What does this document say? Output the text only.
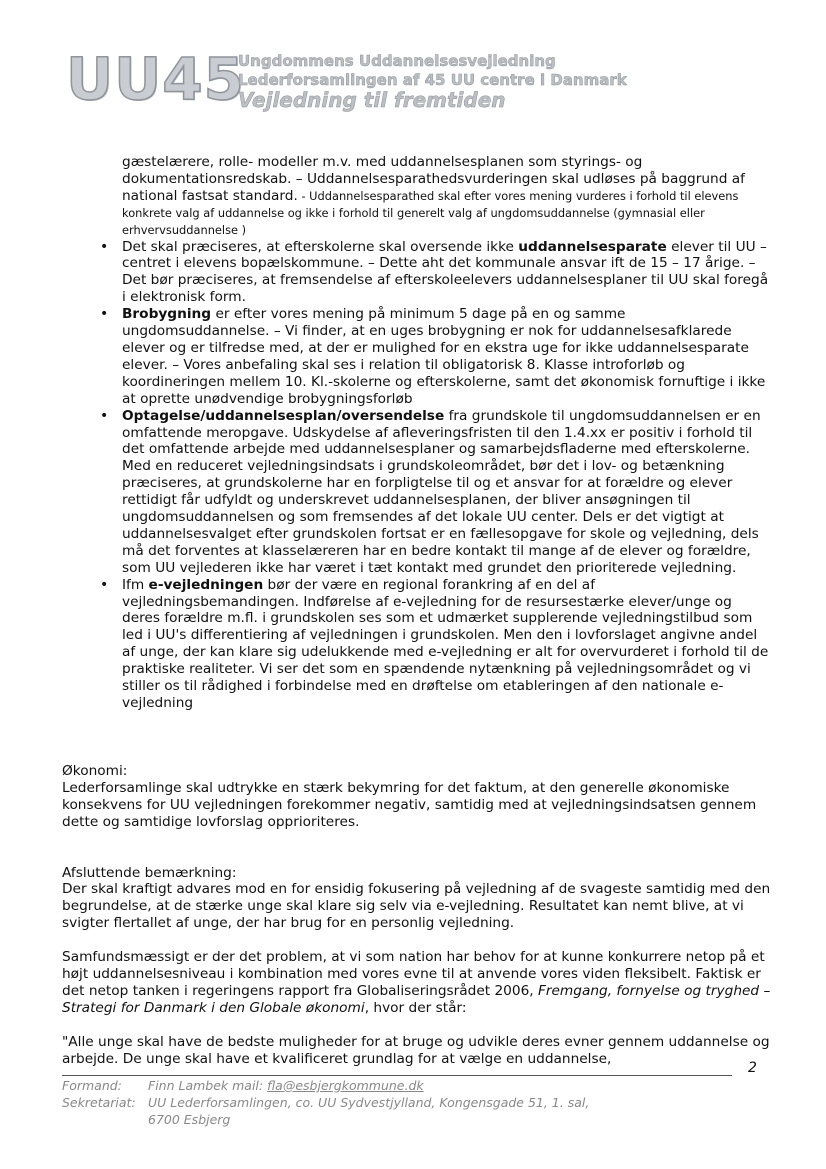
UU45
Ungdommens Uddannelsesvejledning
Lederforsamlingen af 45 UU centre i Danmark
Vejledning til fremtiden

gæstelærere, rolle- modeller m.v. med uddannelsesplanen som styrings- og dokumentationsredskab. – Uddannelsesparathedsvurderingen skal udløses på baggrund af national fastsat standard. - Uddannelsesparathed skal efter vores mening vurderes i forhold til elevens konkrete valg af uddannelse og ikke i forhold til generelt valg af ungdomsuddannelse (gymnasial eller erhvervsuddannelse )

• Det skal præciseres, at efterskolerne skal oversende ikke uddannelsesparate elever til UU –centret i elevens bopælskommune. – Dette aht det kommunale ansvar ift de 15 – 17 årige. – Det bør præciseres, at fremsendelse af efterskoleelevers uddannelsesplaner til UU skal foregå i elektronisk form.
• Brobygning er efter vores mening på minimum 5 dage på en og samme ungdomsuddannelse. – Vi finder, at en uges brobygning er nok for uddannelsesafklarede elever og er tilfredse med, at der er mulighed for en ekstra uge for ikke uddannelsesparate elever. – Vores anbefaling skal ses i relation til obligatorisk 8. Klasse introforløb og koordineringen mellem 10. Kl.-skolerne og efterskolerne, samt det økonomisk fornuftige i ikke at oprette unødvendige brobygningsforløb
• Optagelse/uddannelsesplan/oversendelse fra grundskole til ungdomsuddannelsen er en omfattende meropgave. Udskydelse af afleveringsfristen til den 1.4.xx er positiv i forhold til det omfattende arbejde med uddannelsesplaner og samarbejdsfladerne med efterskolerne. Med en reduceret vejledningsindsats i grundskoleområdet, bør det i lov- og betænkning præciseres, at grundskolerne har en forpligtelse til og et ansvar for at forældre og elever rettidigt får udfyldt og underskrevet uddannelsesplanen, der bliver ansøgningen til ungdomsuddannelsen og som fremsendes af det lokale UU center. Dels er det vigtigt at uddannelsesvalget efter grundskolen fortsat er en fællesopgave for skole og vejledning, dels må det forventes at klasselæreren har en bedre kontakt til mange af de elever og forældre, som UU vejlederen ikke har været i tæt kontakt med grundet den prioriterede vejledning.
• Ifm e-vejledningen bør der være en regional forankring af en del af vejledningsbemandingen. Indførelse af e-vejledning for de resursestærke elever/unge og deres forældre m.fl. i grundskolen ses som et udmærket supplerende vejledningstilbud som led i UU's differentiering af vejledningen i grundskolen. Men den i lovforslaget angivne andel af unge, der kan klare sig udelukkende med e-vejledning er alt for overvurderet i forhold til de praktiske realiteter. Vi ser det som en spændende nytænkning på vejledningsområdet og vi stiller os til rådighed i forbindelse med en drøftelse om etableringen af den nationale e-vejledning

Økonomi:

Lederforsamlinge skal udtrykke en stærk bekymring for det faktum, at den generelle økonomiske konsekvens for UU vejledningen forekommer negativ, samtidig med at vejledningsindsatsen gennem dette og samtidige lovforslag opprioriteres.

Afsluttende bemærkning:

Der skal kraftigt advares mod en for ensidig fokusering på vejledning af de svageste samtidig med den begrundelse, at de stærke unge skal klare sig selv via e-vejledning. Resultatet kan nemt blive, at vi svigter flertallet af unge, der har brug for en personlig vejledning.

Samfundsmæssigt er der det problem, at vi som nation har behov for at kunne konkurrere netop på et højt uddannelsesniveau i kombination med vores evne til at anvende vores viden fleksibelt. Faktisk er det netop tanken i regeringens rapport fra Globaliseringsrådet 2006, Fremgang, fornyelse og tryghed – Strategi for Danmark i den Globale økonomi, hvor der står:

"Alle unge skal have de bedste muligheder for at bruge og udvikle deres evner gennem uddannelse og arbejde. De unge skal have et kvalificeret grundlag for at vælge en uddannelse,

2
Formand: Finn Lambek mail: fla@esbjergkommune.dk
Sekretariat: UU Lederforsamlingen, co. UU Sydvestjylland, Kongensgade 51, 1. sal,
6700 Esbjerg
